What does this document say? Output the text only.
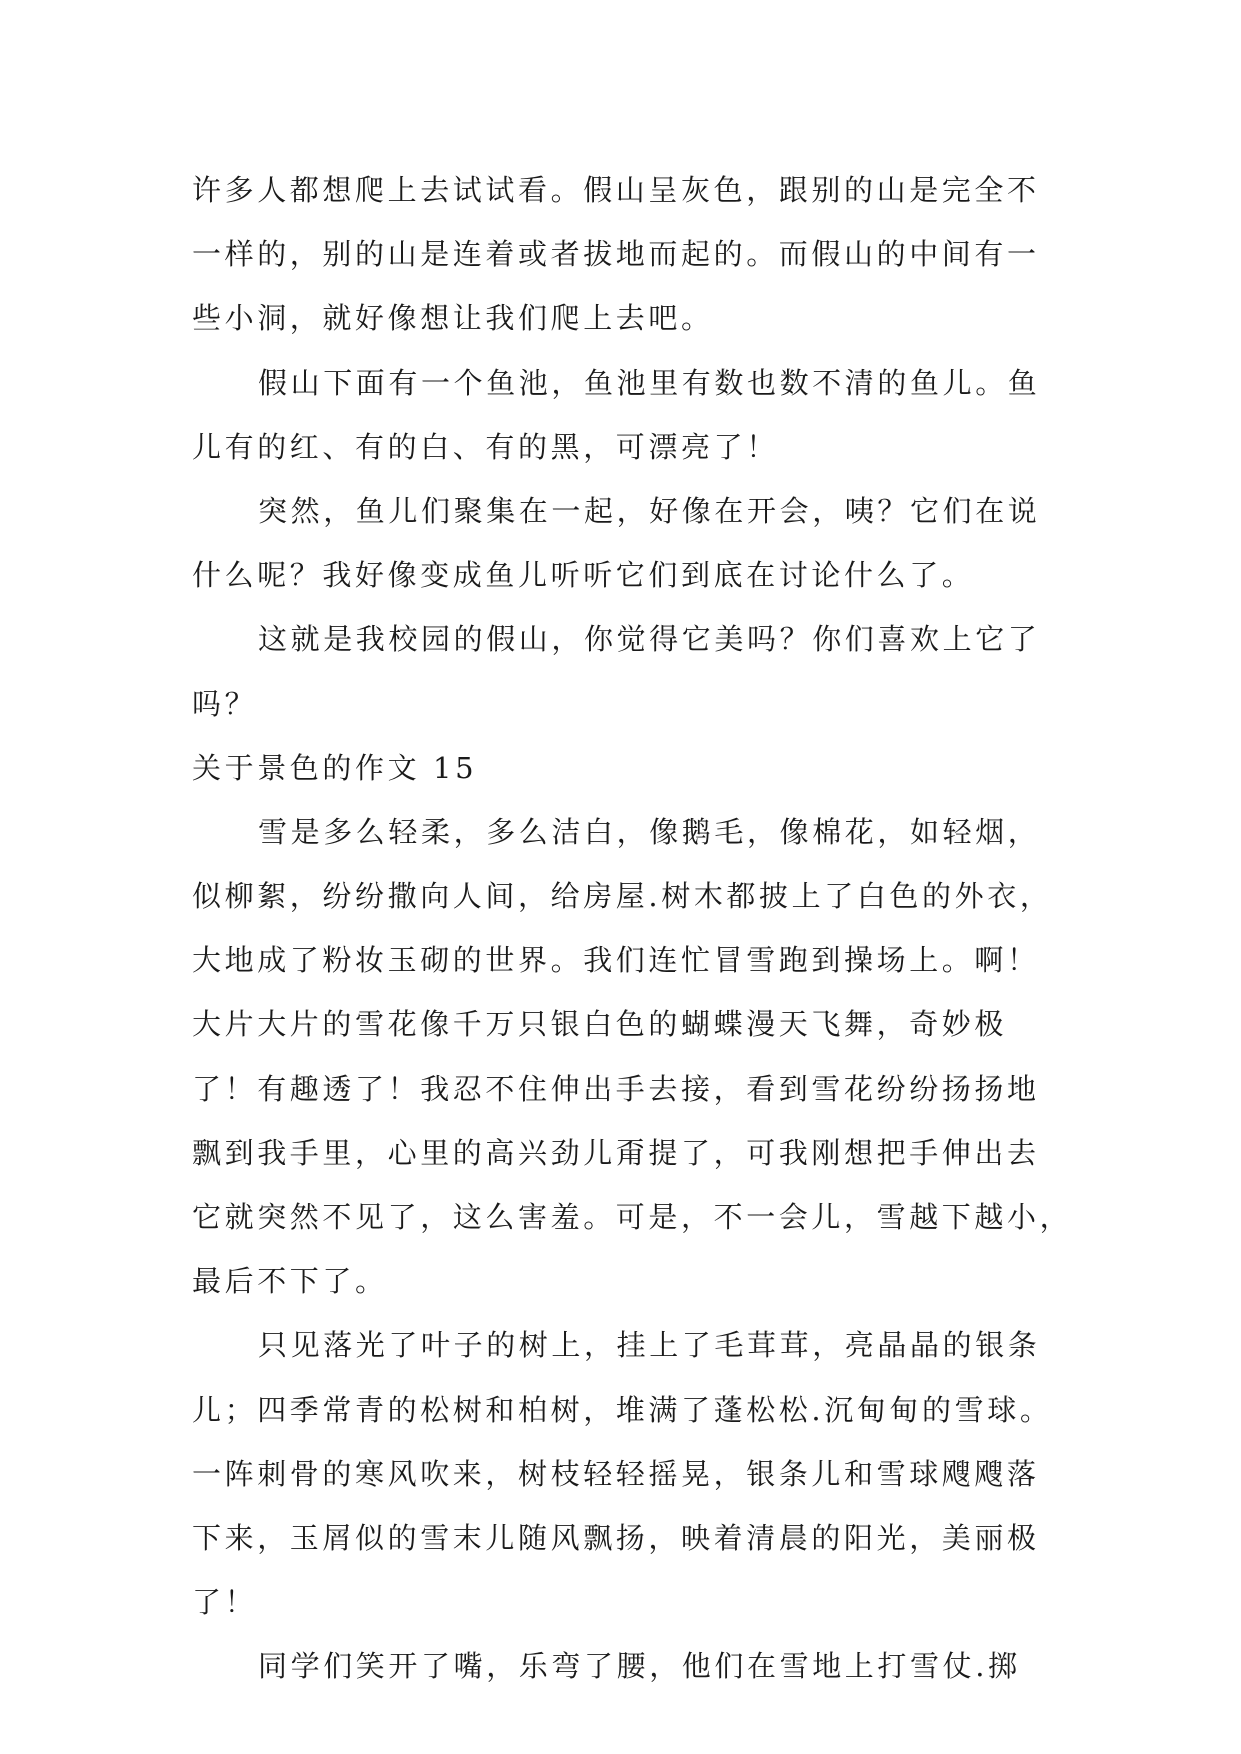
许多人都想爬上去试试看。假山呈灰色，跟别的山是完全不

一样的，别的山是连着或者拔地而起的。而假山的中间有一

些小洞，就好像想让我们爬上去吧。

假山下面有一个鱼池，鱼池里有数也数不清的鱼儿。鱼

儿有的红、有的白、有的黑，可漂亮了！

突然，鱼儿们聚集在一起，好像在开会，咦？它们在说

什么呢？我好像变成鱼儿听听它们到底在讨论什么了。

这就是我校园的假山，你觉得它美吗？你们喜欢上它了

吗？

关于景色的作文 15

雪是多么轻柔，多么洁白，像鹅毛，像棉花，如轻烟，

似柳絮，纷纷撒向人间，给房屋.树木都披上了白色的外衣，

大地成了粉妆玉砌的世界。我们连忙冒雪跑到操场上。啊！

大片大片的雪花像千万只银白色的蝴蝶漫天飞舞，奇妙极

了！有趣透了！我忍不住伸出手去接，看到雪花纷纷扬扬地

飘到我手里，心里的高兴劲儿甭提了，可我刚想把手伸出去

它就突然不见了，这么害羞。可是，不一会儿，雪越下越小，

最后不下了。

只见落光了叶子的树上，挂上了毛茸茸，亮晶晶的银条

儿；四季常青的松树和柏树，堆满了蓬松松.沉甸甸的雪球。

一阵刺骨的寒风吹来，树枝轻轻摇晃，银条儿和雪球飕飕落

下来，玉屑似的雪末儿随风飘扬，映着清晨的阳光，美丽极

了！

同学们笑开了嘴，乐弯了腰，他们在雪地上打雪仗.掷
